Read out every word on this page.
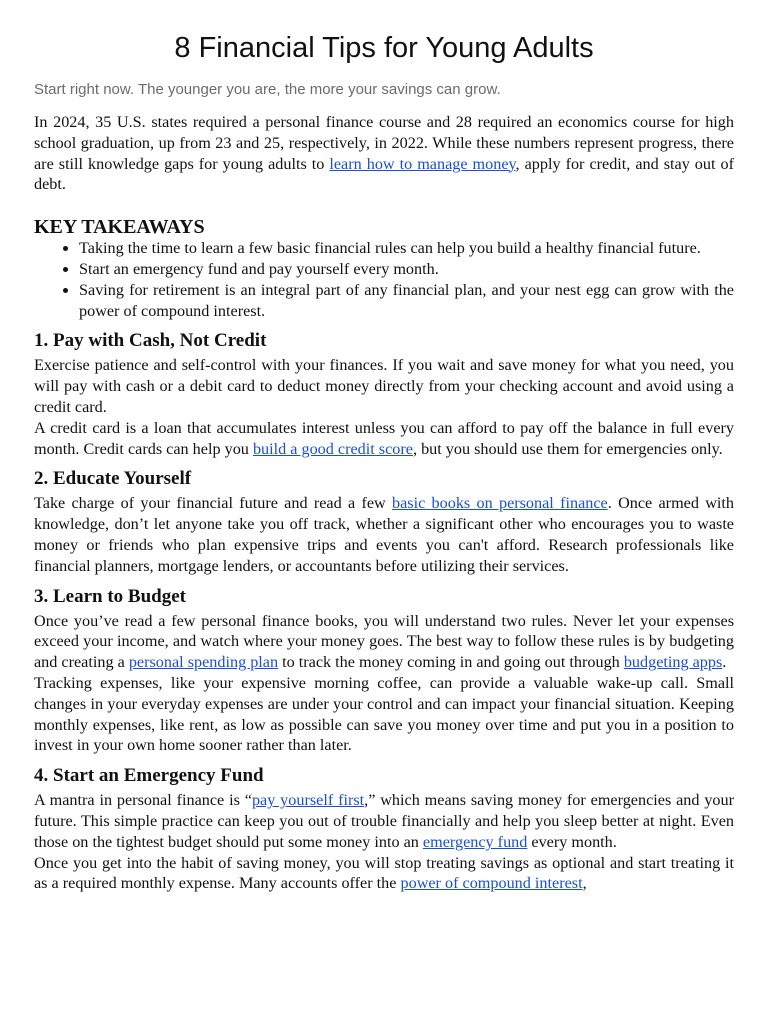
8 Financial Tips for Young Adults
Start right now. The younger you are, the more your savings can grow.

In 2024, 35 U.S. states required a personal finance course and 28 required an economics course for high school graduation, up from 23 and 25, respectively, in 2022. While these numbers represent progress, there are still knowledge gaps for young adults to learn how to manage money, apply for credit, and stay out of debt.

KEY TAKEAWAYS
• Taking the time to learn a few basic financial rules can help you build a healthy financial future.
• Start an emergency fund and pay yourself every month.
• Saving for retirement is an integral part of any financial plan, and your nest egg can grow with the power of compound interest.
1. Pay with Cash, Not Credit

Exercise patience and self-control with your finances. If you wait and save money for what you need, you will pay with cash or a debit card to deduct money directly from your checking account and avoid using a credit card.

A credit card is a loan that accumulates interest unless you can afford to pay off the balance in full every month. Credit cards can help you build a good credit score, but you should use them for emergencies only.

2. Educate Yourself

Take charge of your financial future and read a few basic books on personal finance. Once armed with knowledge, don’t let anyone take you off track, whether a significant other who encourages you to waste money or friends who plan expensive trips and events you can't afford. Research professionals like financial planners, mortgage lenders, or accountants before utilizing their services.

3. Learn to Budget

Once you’ve read a few personal finance books, you will understand two rules. Never let your expenses exceed your income, and watch where your money goes. The best way to follow these rules is by budgeting and creating a personal spending plan to track the money coming in and going out through budgeting apps.

Tracking expenses, like your expensive morning coffee, can provide a valuable wake-up call. Small changes in your everyday expenses are under your control and can impact your financial situation. Keeping monthly expenses, like rent, as low as possible can save you money over time and put you in a position to invest in your own home sooner rather than later.

4. Start an Emergency Fund

A mantra in personal finance is “pay yourself first,” which means saving money for emergencies and your future. This simple practice can keep you out of trouble financially and help you sleep better at night. Even those on the tightest budget should put some money into an emergency fund every month.

Once you get into the habit of saving money, you will stop treating savings as optional and start treating it as a required monthly expense. Many accounts offer the power of compound interest,
